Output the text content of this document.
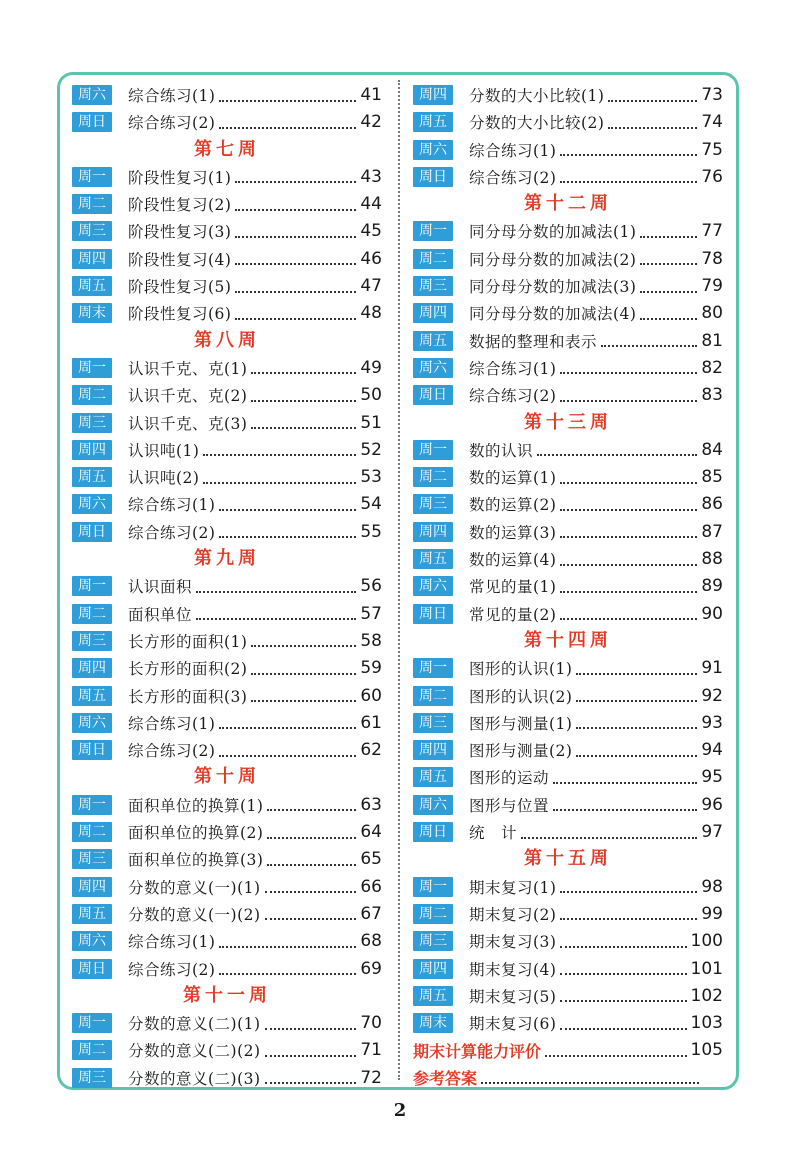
周六	综合练习(1)	41
周日	综合练习(2)	42
第七周
周一	阶段性复习(1)	43
周二	阶段性复习(2)	44
周三	阶段性复习(3)	45
周四	阶段性复习(4)	46
周五	阶段性复习(5)	47
周末	阶段性复习(6)	48
第八周
周一	认识千克、克(1)	49
周二	认识千克、克(2)	50
周三	认识千克、克(3)	51
周四	认识吨(1)	52
周五	认识吨(2)	53
周六	综合练习(1)	54
周日	综合练习(2)	55
第九周
周一	认识面积	56
周二	面积单位	57
周三	长方形的面积(1)	58
周四	长方形的面积(2)	59
周五	长方形的面积(3)	60
周六	综合练习(1)	61
周日	综合练习(2)	62
第十周
周一	面积单位的换算(1)	63
周二	面积单位的换算(2)	64
周三	面积单位的换算(3)	65
周四	分数的意义(一)(1)	66
周五	分数的意义(一)(2)	67
周六	综合练习(1)	68
周日	综合练习(2)	69
第十一周
周一	分数的意义(二)(1)	70
周二	分数的意义(二)(2)	71
周三	分数的意义(二)(3)	72
周四	分数的大小比较(1)	73
周五	分数的大小比较(2)	74
周六	综合练习(1)	75
周日	综合练习(2)	76
第十二周
周一	同分母分数的加减法(1)	77
周二	同分母分数的加减法(2)	78
周三	同分母分数的加减法(3)	79
周四	同分母分数的加减法(4)	80
周五	数据的整理和表示	81
周六	综合练习(1)	82
周日	综合练习(2)	83
第十三周
周一	数的认识	84
周二	数的运算(1)	85
周三	数的运算(2)	86
周四	数的运算(3)	87
周五	数的运算(4)	88
周六	常见的量(1)	89
周日	常见的量(2)	90
第十四周
周一	图形的认识(1)	91
周二	图形的认识(2)	92
周三	图形与测量(1)	93
周四	图形与测量(2)	94
周五	图形的运动	95
周六	图形与位置	96
周日	统　计	97
第十五周
周一	期末复习(1)	98
周二	期末复习(2)	99
周三	期末复习(3)	100
周四	期末复习(4)	101
周五	期末复习(5)	102
周末	期末复习(6)	103
期末计算能力评价	105
参考答案
2
